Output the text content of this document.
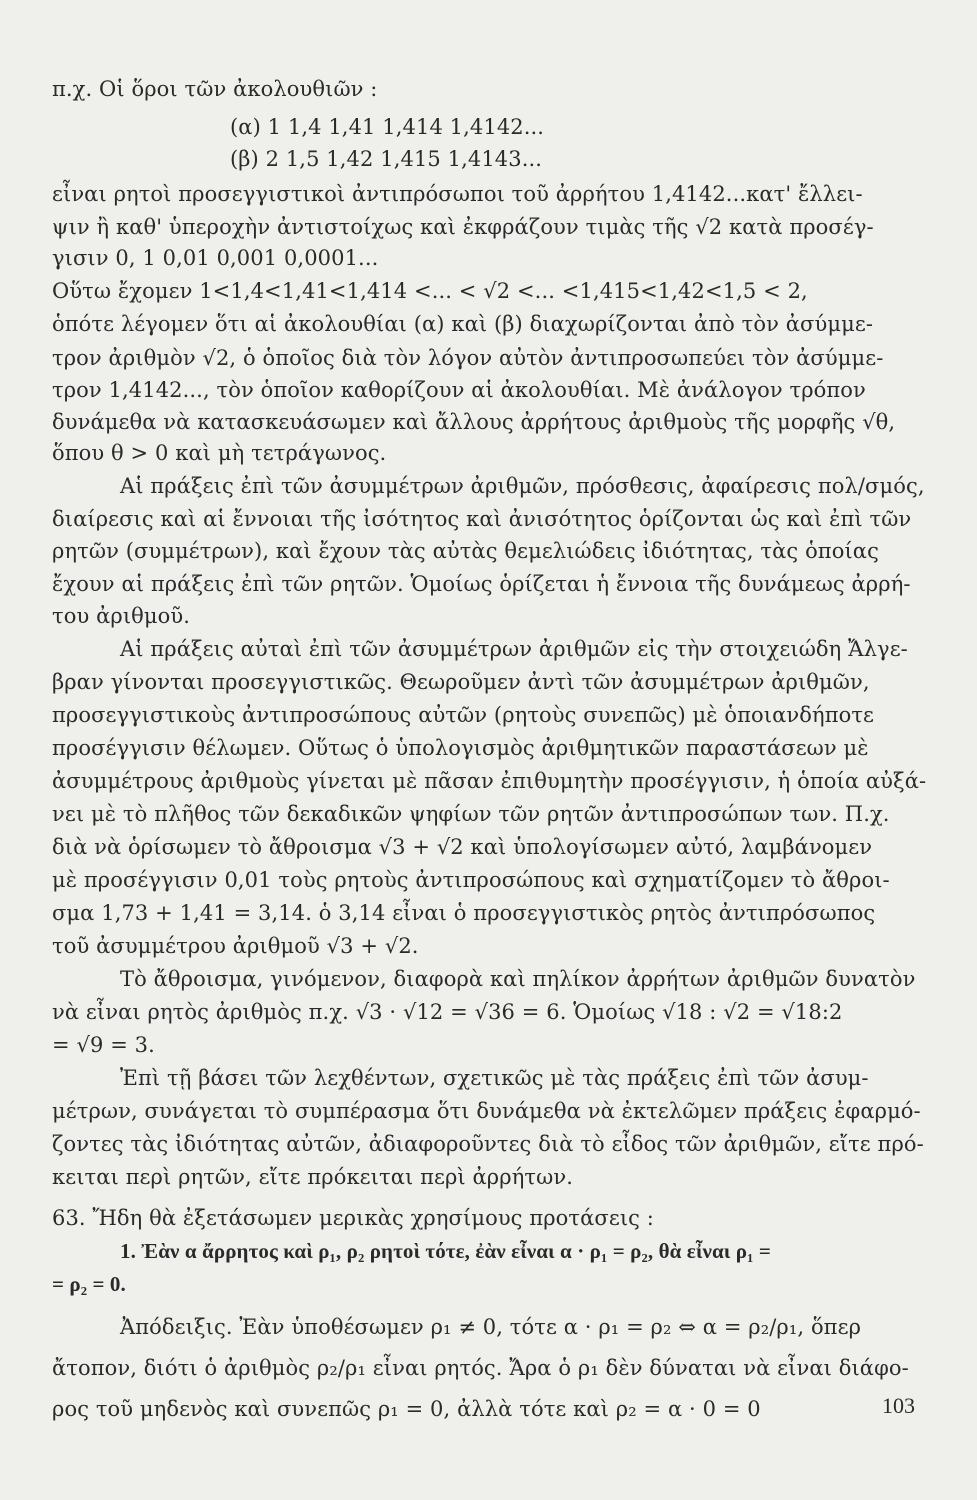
π.χ. Οἱ ὅροι τῶν ἀκολουθιῶν :
(α) 1 1,4 1,41 1,414 1,4142...
(β) 2 1,5 1,42 1,415 1,4143...
εἶναι ρητοὶ προσεγγιστικοὶ ἀντιπρόσωποι τοῦ ἀρρήτου 1,4142...κατ' ἔλλει-
ψιν ἢ καθ' ὑπεροχὴν ἀντιστοίχως καὶ ἐκφράζουν τιμὰς τῆς √2 κατὰ προσέγ-
γισιν 0, 1 0,01 0,001 0,0001...
Οὕτω ἔχομεν 1<1,4<1,41<1,414 <... < √2 <... <1,415<1,42<1,5 < 2,
ὁπότε λέγομεν ὅτι αἱ ἀκολουθίαι (α) καὶ (β) διαχωρίζονται ἀπὸ τὸν ἀσύμμε-
τρον ἀριθμὸν √2, ὁ ὁποῖος διὰ τὸν λόγον αὐτὸν ἀντιπροσωπεύει τὸν ἀσύμμε-
τρον 1,4142..., τὸν ὁποῖον καθορίζουν αἱ ἀκολουθίαι. Μὲ ἀνάλογον τρόπον
δυνάμεθα νὰ κατασκευάσωμεν καὶ ἄλλους ἀρρήτους ἀριθμοὺς τῆς μορφῆς √θ,
ὅπου θ > 0 καὶ μὴ τετράγωνος.
Αἱ πράξεις ἐπὶ τῶν ἀσυμμέτρων ἀριθμῶν, πρόσθεσις, ἀφαίρεσις πολ/σμός,
διαίρεσις καὶ αἱ ἔννοιαι τῆς ἰσότητος καὶ ἀνισότητος ὁρίζονται ὡς καὶ ἐπὶ τῶν
ρητῶν (συμμέτρων), καὶ ἔχουν τὰς αὐτὰς θεμελιώδεις ἰδιότητας, τὰς ὁποίας
ἔχουν αἱ πράξεις ἐπὶ τῶν ρητῶν. Ὁμοίως ὁρίζεται ἡ ἔννοια τῆς δυνάμεως ἀρρή-
του ἀριθμοῦ.
Αἱ πράξεις αὐταὶ ἐπὶ τῶν ἀσυμμέτρων ἀριθμῶν εἰς τὴν στοιχειώδη Ἄλγε-
βραν γίνονται προσεγγιστικῶς. Θεωροῦμεν ἀντὶ τῶν ἀσυμμέτρων ἀριθμῶν,
προσεγγιστικοὺς ἀντιπροσώπους αὐτῶν (ρητοὺς συνεπῶς) μὲ ὁποιανδήποτε
προσέγγισιν θέλωμεν. Οὕτως ὁ ὑπολογισμὸς ἀριθμητικῶν παραστάσεων μὲ
ἀσυμμέτρους ἀριθμοὺς γίνεται μὲ πᾶσαν ἐπιθυμητὴν προσέγγισιν, ἡ ὁποία αὐξά-
νει μὲ τὸ πλῆθος τῶν δεκαδικῶν ψηφίων τῶν ρητῶν ἀντιπροσώπων των. Π.χ.
διὰ νὰ ὁρίσωμεν τὸ ἄθροισμα √3 + √2 καὶ ὑπολογίσωμεν αὐτό, λαμβάνομεν
μὲ προσέγγισιν 0,01 τοὺς ρητοὺς ἀντιπροσώπους καὶ σχηματίζομεν τὸ ἄθροι-
σμα 1,73 + 1,41 = 3,14. ὁ 3,14 εἶναι ὁ προσεγγιστικὸς ρητὸς ἀντιπρόσωπος
τοῦ ἀσυμμέτρου ἀριθμοῦ √3 + √2.
Τὸ ἄθροισμα, γινόμενον, διαφορὰ καὶ πηλίκον ἀρρήτων ἀριθμῶν δυνατὸν
νὰ εἶναι ρητὸς ἀριθμὸς π.χ. √3 · √12 = √36 = 6. Ὁμοίως √18 : √2 = √18:2
= √9 = 3.
Ἐπὶ τῇ βάσει τῶν λεχθέντων, σχετικῶς μὲ τὰς πράξεις ἐπὶ τῶν ἀσυμ-
μέτρων, συνάγεται τὸ συμπέρασμα ὅτι δυνάμεθα νὰ ἐκτελῶμεν πράξεις ἐφαρμό-
ζοντες τὰς ἰδιότητας αὐτῶν, ἀδιαφοροῦντες διὰ τὸ εἶδος τῶν ἀριθμῶν, εἴτε πρό-
κειται περὶ ρητῶν, εἴτε πρόκειται περὶ ἀρρήτων.
63. Ἤδη θὰ ἐξετάσωμεν μερικὰς χρησίμους προτάσεις :
1. Ἐὰν α ἄρρητος καὶ ρ₁, ρ₂ ρητοὶ τότε, ἐὰν εἶναι α · ρ₁ = ρ₂, θὰ εἶναι ρ₁ =
= ρ₂ = 0.
Ἀπόδειξις. Ἐὰν ὑποθέσωμεν ρ₁ ≠ 0, τότε α · ρ₁ = ρ₂ ⇔ α = ρ₂/ρ₁, ὅπερ
ἄτοπον, διότι ὁ ἀριθμὸς ρ₂/ρ₁ εἶναι ρητός. Ἄρα ὁ ρ₁ δὲν δύναται νὰ εἶναι διάφο-
ρος τοῦ μηδενὸς καὶ συνεπῶς ρ₁ = 0, ἀλλὰ τότε καὶ ρ₂ = α · 0 = 0	103
